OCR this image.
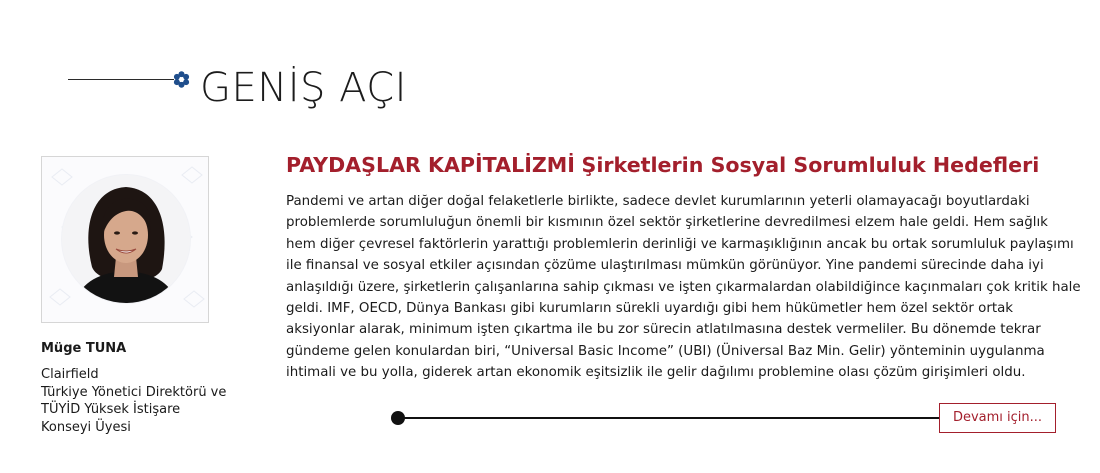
GENİŞ AÇI
Müge TUNA
Clairfield
Türkiye Yönetici Direktörü ve
TÜYİD Yüksek İstişare
Konseyi Üyesi
PAYDAŞLAR KAPİTALİZMİ Şirketlerin Sosyal Sorumluluk Hedefleri
Pandemi ve artan diğer doğal felaketlerle birlikte, sadece devlet kurumlarının yeterli olamayacağı boyutlardaki
problemlerde sorumluluğun önemli bir kısmının özel sektör şirketlerine devredilmesi elzem hale geldi. Hem sağlık
hem diğer çevresel faktörlerin yarattığı problemlerin derinliği ve karmaşıklığının ancak bu ortak sorumluluk paylaşımı
ile finansal ve sosyal etkiler açısından çözüme ulaştırılması mümkün görünüyor. Yine pandemi sürecinde daha iyi
anlaşıldığı üzere, şirketlerin çalışanlarına sahip çıkması ve işten çıkarmalardan olabildiğince kaçınmaları çok kritik hale
geldi. IMF, OECD, Dünya Bankası gibi kurumların sürekli uyardığı gibi hem hükümetler hem özel sektör ortak
aksiyonlar alarak, minimum işten çıkartma ile bu zor sürecin atlatılmasına destek vermeliler. Bu dönemde tekrar
gündeme gelen konulardan biri, “Universal Basic Income” (UBI) (Üniversal Baz Min. Gelir) yönteminin uygulanma
ihtimali ve bu yolla, giderek artan ekonomik eşitsizlik ile gelir dağılımı problemine olası çözüm girişimleri oldu.
Devamı için...
